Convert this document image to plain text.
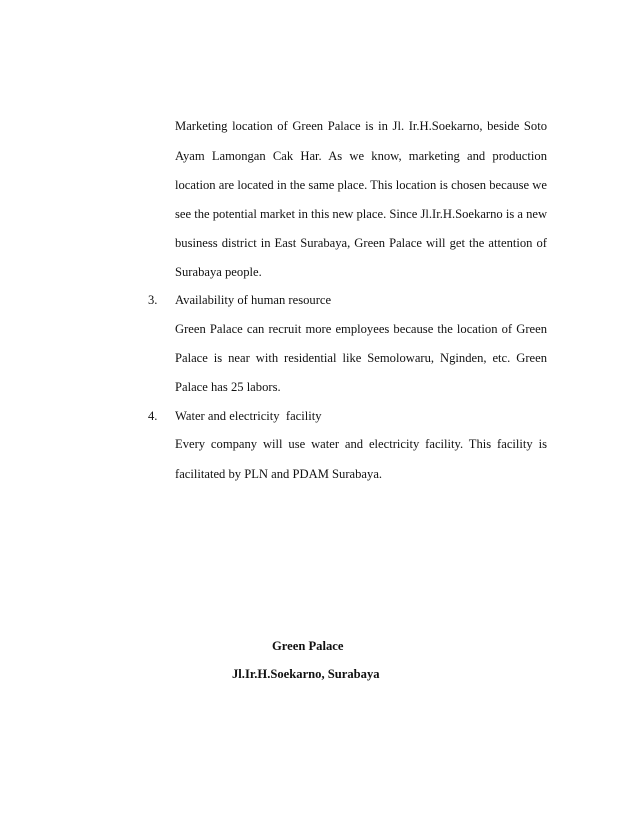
Marketing location of Green Palace is in Jl. Ir.H.Soekarno, beside Soto
Ayam Lamongan Cak Har. As we know, marketing and production
location are located in the same place. This location is chosen because we
see the potential market in this new place. Since Jl.Ir.H.Soekarno is a new
business district in East Surabaya, Green Palace will get the attention of
Surabaya people.
3. Availability of human resource
Green Palace can recruit more employees because the location of Green
Palace is near with residential like Semolowaru, Nginden, etc. Green
Palace has 25 labors.
4. Water and electricity  facility
Every company will use water and electricity facility. This facility is
facilitated by PLN and PDAM Surabaya.
Green Palace
Jl.Ir.H.Soekarno, Surabaya
